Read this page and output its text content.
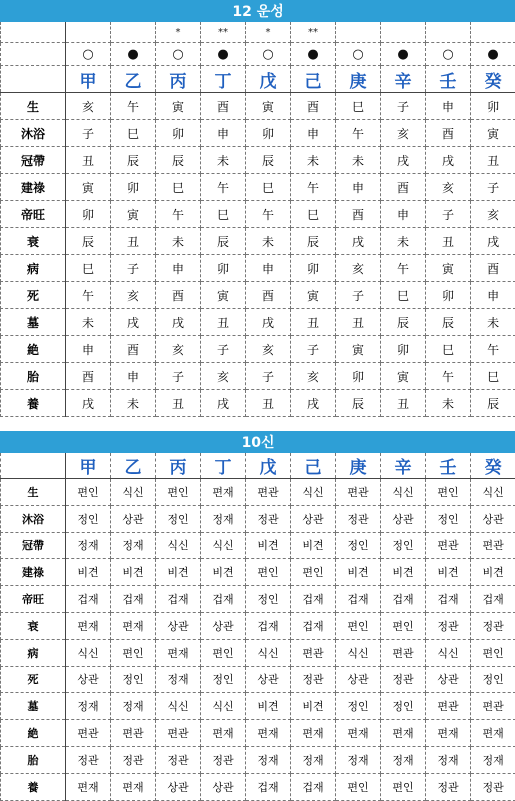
12 운성										
			*	**	*	**				
	○	●	○	●	○	●	○	●	○	●
	甲	乙	丙	丁	戊	己	庚	辛	壬	癸
生	亥	午	寅	酉	寅	酉	巳	子	申	卯
沐浴	子	巳	卯	申	卯	申	午	亥	酉	寅
冠帶	丑	辰	辰	未	辰	未	未	戌	戌	丑
建祿	寅	卯	巳	午	巳	午	申	酉	亥	子
帝旺	卯	寅	午	巳	午	巳	酉	申	子	亥
衰	辰	丑	未	辰	未	辰	戌	未	丑	戌
病	巳	子	申	卯	申	卯	亥	午	寅	酉
死	午	亥	酉	寅	酉	寅	子	巳	卯	申
墓	未	戌	戌	丑	戌	丑	丑	辰	辰	未
絶	申	酉	亥	子	亥	子	寅	卯	巳	午
胎	酉	申	子	亥	子	亥	卯	寅	午	巳
養	戌	未	丑	戌	丑	戌	辰	丑	未	辰
10신										
	甲	乙	丙	丁	戊	己	庚	辛	壬	癸
生	편인	식신	편인	편재	편관	식신	편관	식신	편인	식신
沐浴	정인	상관	정인	정재	정관	상관	정관	상관	정인	상관
冠帶	정재	정재	식신	식신	비견	비견	정인	정인	편관	편관
建祿	비견	비견	비견	비견	편인	편인	비견	비견	비견	비견
帝旺	겁재	겁재	겁재	겁재	정인	겁재	겁재	겁재	겁재	겁재
衰	편재	편재	상관	상관	겁재	겁재	편인	편인	정관	정관
病	식신	편인	편재	편인	식신	편관	식신	편관	식신	편인
死	상관	정인	정재	정인	상관	정관	상관	정관	상관	정인
墓	정재	정재	식신	식신	비견	비견	정인	정인	편관	편관
絶	편관	편관	편관	편재	편재	편재	편재	편재	편재	편재
胎	정관	정관	정관	정관	정재	정재	정재	정재	정재	정재
養	편재	편재	상관	상관	겁재	겁재	편인	편인	정관	정관
